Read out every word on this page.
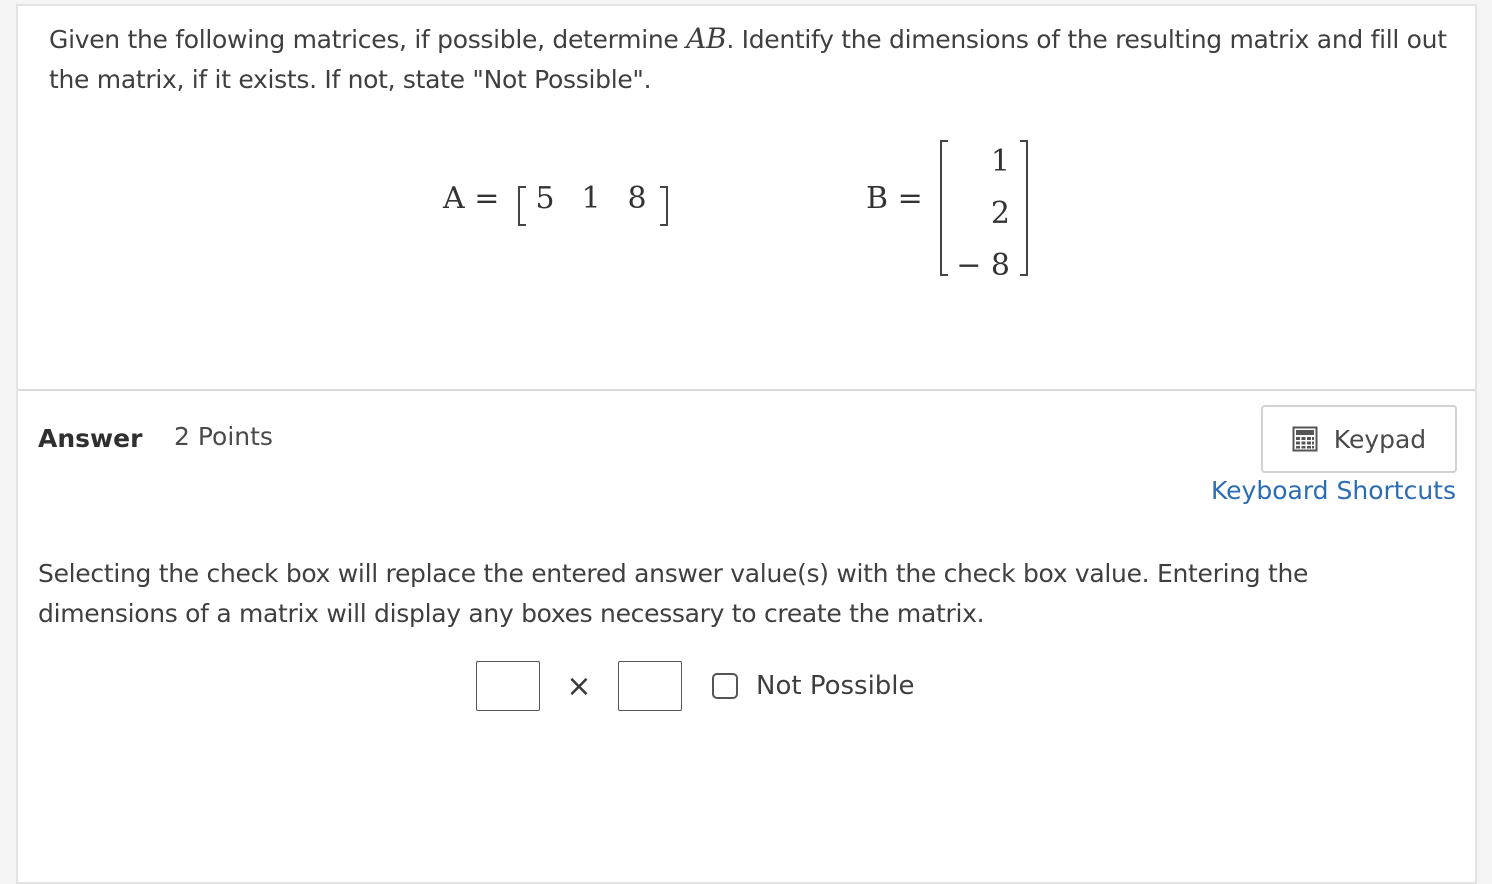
Given the following matrices, if possible, determine AB. Identify the dimensions of the resulting matrix and fill out the matrix, if it exists. If not, state "Not Possible".
A =	5 1 8	B =
1
2
− 8
Answer 2 Points	Keypad
Keyboard Shortcuts
Selecting the check box will replace the entered answer value(s) with the check box value. Entering the dimensions of a matrix will display any boxes necessary to create the matrix.
×	Not Possible
